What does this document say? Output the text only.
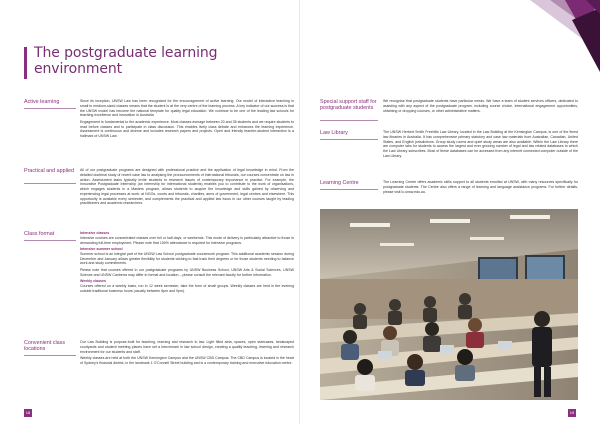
The postgraduate learning environment
Active learning	Since its inception, UNSW Law has been recognised for the encouragement of active learning. Our model of interactive teaching in small to medium-sized classes means that the student is at the very centre of the learning process. A key indicator of our success is that the UNSW model has become the national template for quality legal education. We continue to be one of the leading law schools for teaching excellence and innovation in Australia.

Engagement is fundamental to the academic experience. Most classes average between 20 and 35 students and we require students to read before classes and to participate in class discussion. This enables lively class debate and enhances the learning experience. Assessment is continuous and diverse and includes research papers and projects. Open and friendly teacher-student interaction is a hallmark of UNSW Law.

Practical and applied	All of our postgraduate programs are designed with professional practice and the application of legal knowledge in mind. From the detailed doctrinal study of recent case law to analysing the pronouncements of international tribunals, our courses concentrate on law in action. Assessment tasks typically invite students to research issues of contemporary importance in practice. For example, the Innovative Postgraduate Internship (an internship for international students) enables you to contribute to the work of organisations, which engages students in a Masters program, allows students to acquire the knowledge and skills gained by observing and experiencing legal processes at work: at NGOs, courts and tribunals, charities, arms of government, legal centres and elsewhere. This opportunity is available every semester, and complements the practical and applied law focus in our other courses taught by leading practitioners and academic researchers.

Class format	Intensive classes
Intensive courses are concentrated classes over full or half-days, or weekends. This mode of delivery is particularly attractive to those in demanding full-time employment. Please note that 100% attendance is required for intensive programs.

Intensive summer school
Summer school is an integral part of the UNSW Law School postgraduate coursework program. This additional academic session during December and January allows greater flexibility for students wishing to fast track their degrees or for those students needing to balance work and study commitments.

Please note that courses offered in our postgraduate programs by UNSW Business School, UNSW Arts & Social Sciences, UNSW Science and UNSW Canberra may differ in format and location – please consult the relevant faculty for further information.

Weekly classes
Courses offered on a weekly basis, run in 12 week semester, take the form of small groups. Weekly classes are held in the evening outside traditional business hours (usually between 6pm and 9pm).

Convenient class locations

Our Law Building is purpose-built for teaching, learning and research in law. Light filled atria, spaces, open staircases, landscaped courtyards and student meeting places have set a benchmark in law school design, creating a quality teaching, learning and research environment for our students and staff.

Weekly classes are held at both the UNSW Kensington Campus and the UNSW CBD Campus. The CBD Campus is located in the heart of Sydney's financial district, in the landmark 1 O'Connell Street building and is a contemporary training and executive education centre.

18
Special support staff for postgraduate students

We recognise that postgraduate students have particular needs. We have a team of student services officers, dedicated to assisting with any aspect of the postgraduate program, including course choice, international engagement opportunities, obtaining or dropping courses, or other administrative matters.

Law Library	The UNSW Herbert Smith Freehills Law Library, located in the Law Building at the Kensington Campus, is one of the finest law libraries in Australia. It has comprehensive primary statutory and case law materials from Australian, Canadian, United States, and English jurisdictions. Group study rooms and quiet study areas are also available. Within the Law Library there are computer labs for students to access the largest and ever growing number of legal and law related databases to which the Law Library subscribes. Most of these databases can be accessed from any internet connected computer outside of the Law Library.

Learning Centre	The Learning Centre offers academic skills support to all students enrolled at UNSW, with many resources specifically for postgraduate students. The Centre also offers a range of learning and language assistance programs. For further details, please visit lc.unsw.edu.au.

19
